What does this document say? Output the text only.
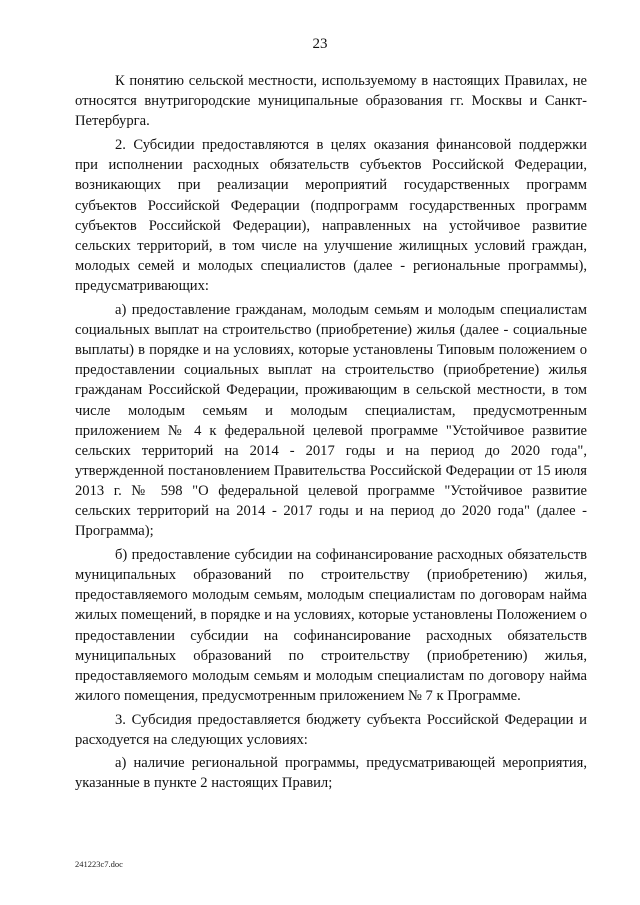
23

К понятию сельской местности, используемому в настоящих Правилах, не относятся внутригородские муниципальные образования гг. Москвы и Санкт-Петербурга.

2. Субсидии предоставляются в целях оказания финансовой поддержки при исполнении расходных обязательств субъектов Российской Федерации, возникающих при реализации мероприятий государственных программ субъектов Российской Федерации (подпрограмм государственных программ субъектов Российской Федерации), направленных на устойчивое развитие сельских территорий, в том числе на улучшение жилищных условий граждан, молодых семей и молодых специалистов (далее - региональные программы), предусматривающих:

а) предоставление гражданам, молодым семьям и молодым специалистам социальных выплат на строительство (приобретение) жилья (далее - социальные выплаты) в порядке и на условиях, которые установлены Типовым положением о предоставлении социальных выплат на строительство (приобретение) жилья гражданам Российской Федерации, проживающим в сельской местности, в том числе молодым семьям и молодым специалистам, предусмотренным приложением № 4 к федеральной целевой программе "Устойчивое развитие сельских территорий на 2014 - 2017 годы и на период до 2020 года", утвержденной постановлением Правительства Российской Федерации от 15 июля 2013 г. № 598 "О федеральной целевой программе "Устойчивое развитие сельских территорий на 2014 - 2017 годы и на период до 2020 года" (далее - Программа);

б) предоставление субсидии на софинансирование расходных обязательств муниципальных образований по строительству (приобретению) жилья, предоставляемого молодым семьям, молодым специалистам по договорам найма жилых помещений, в порядке и на условиях, которые установлены Положением о предоставлении субсидии на софинансирование расходных обязательств муниципальных образований по строительству (приобретению) жилья, предоставляемого молодым семьям и молодым специалистам по договору найма жилого помещения, предусмотренным приложением № 7 к Программе.

3. Субсидия предоставляется бюджету субъекта Российской Федерации и расходуется на следующих условиях:

а) наличие региональной программы, предусматривающей мероприятия, указанные в пункте 2 настоящих Правил;

241223с7.doc
